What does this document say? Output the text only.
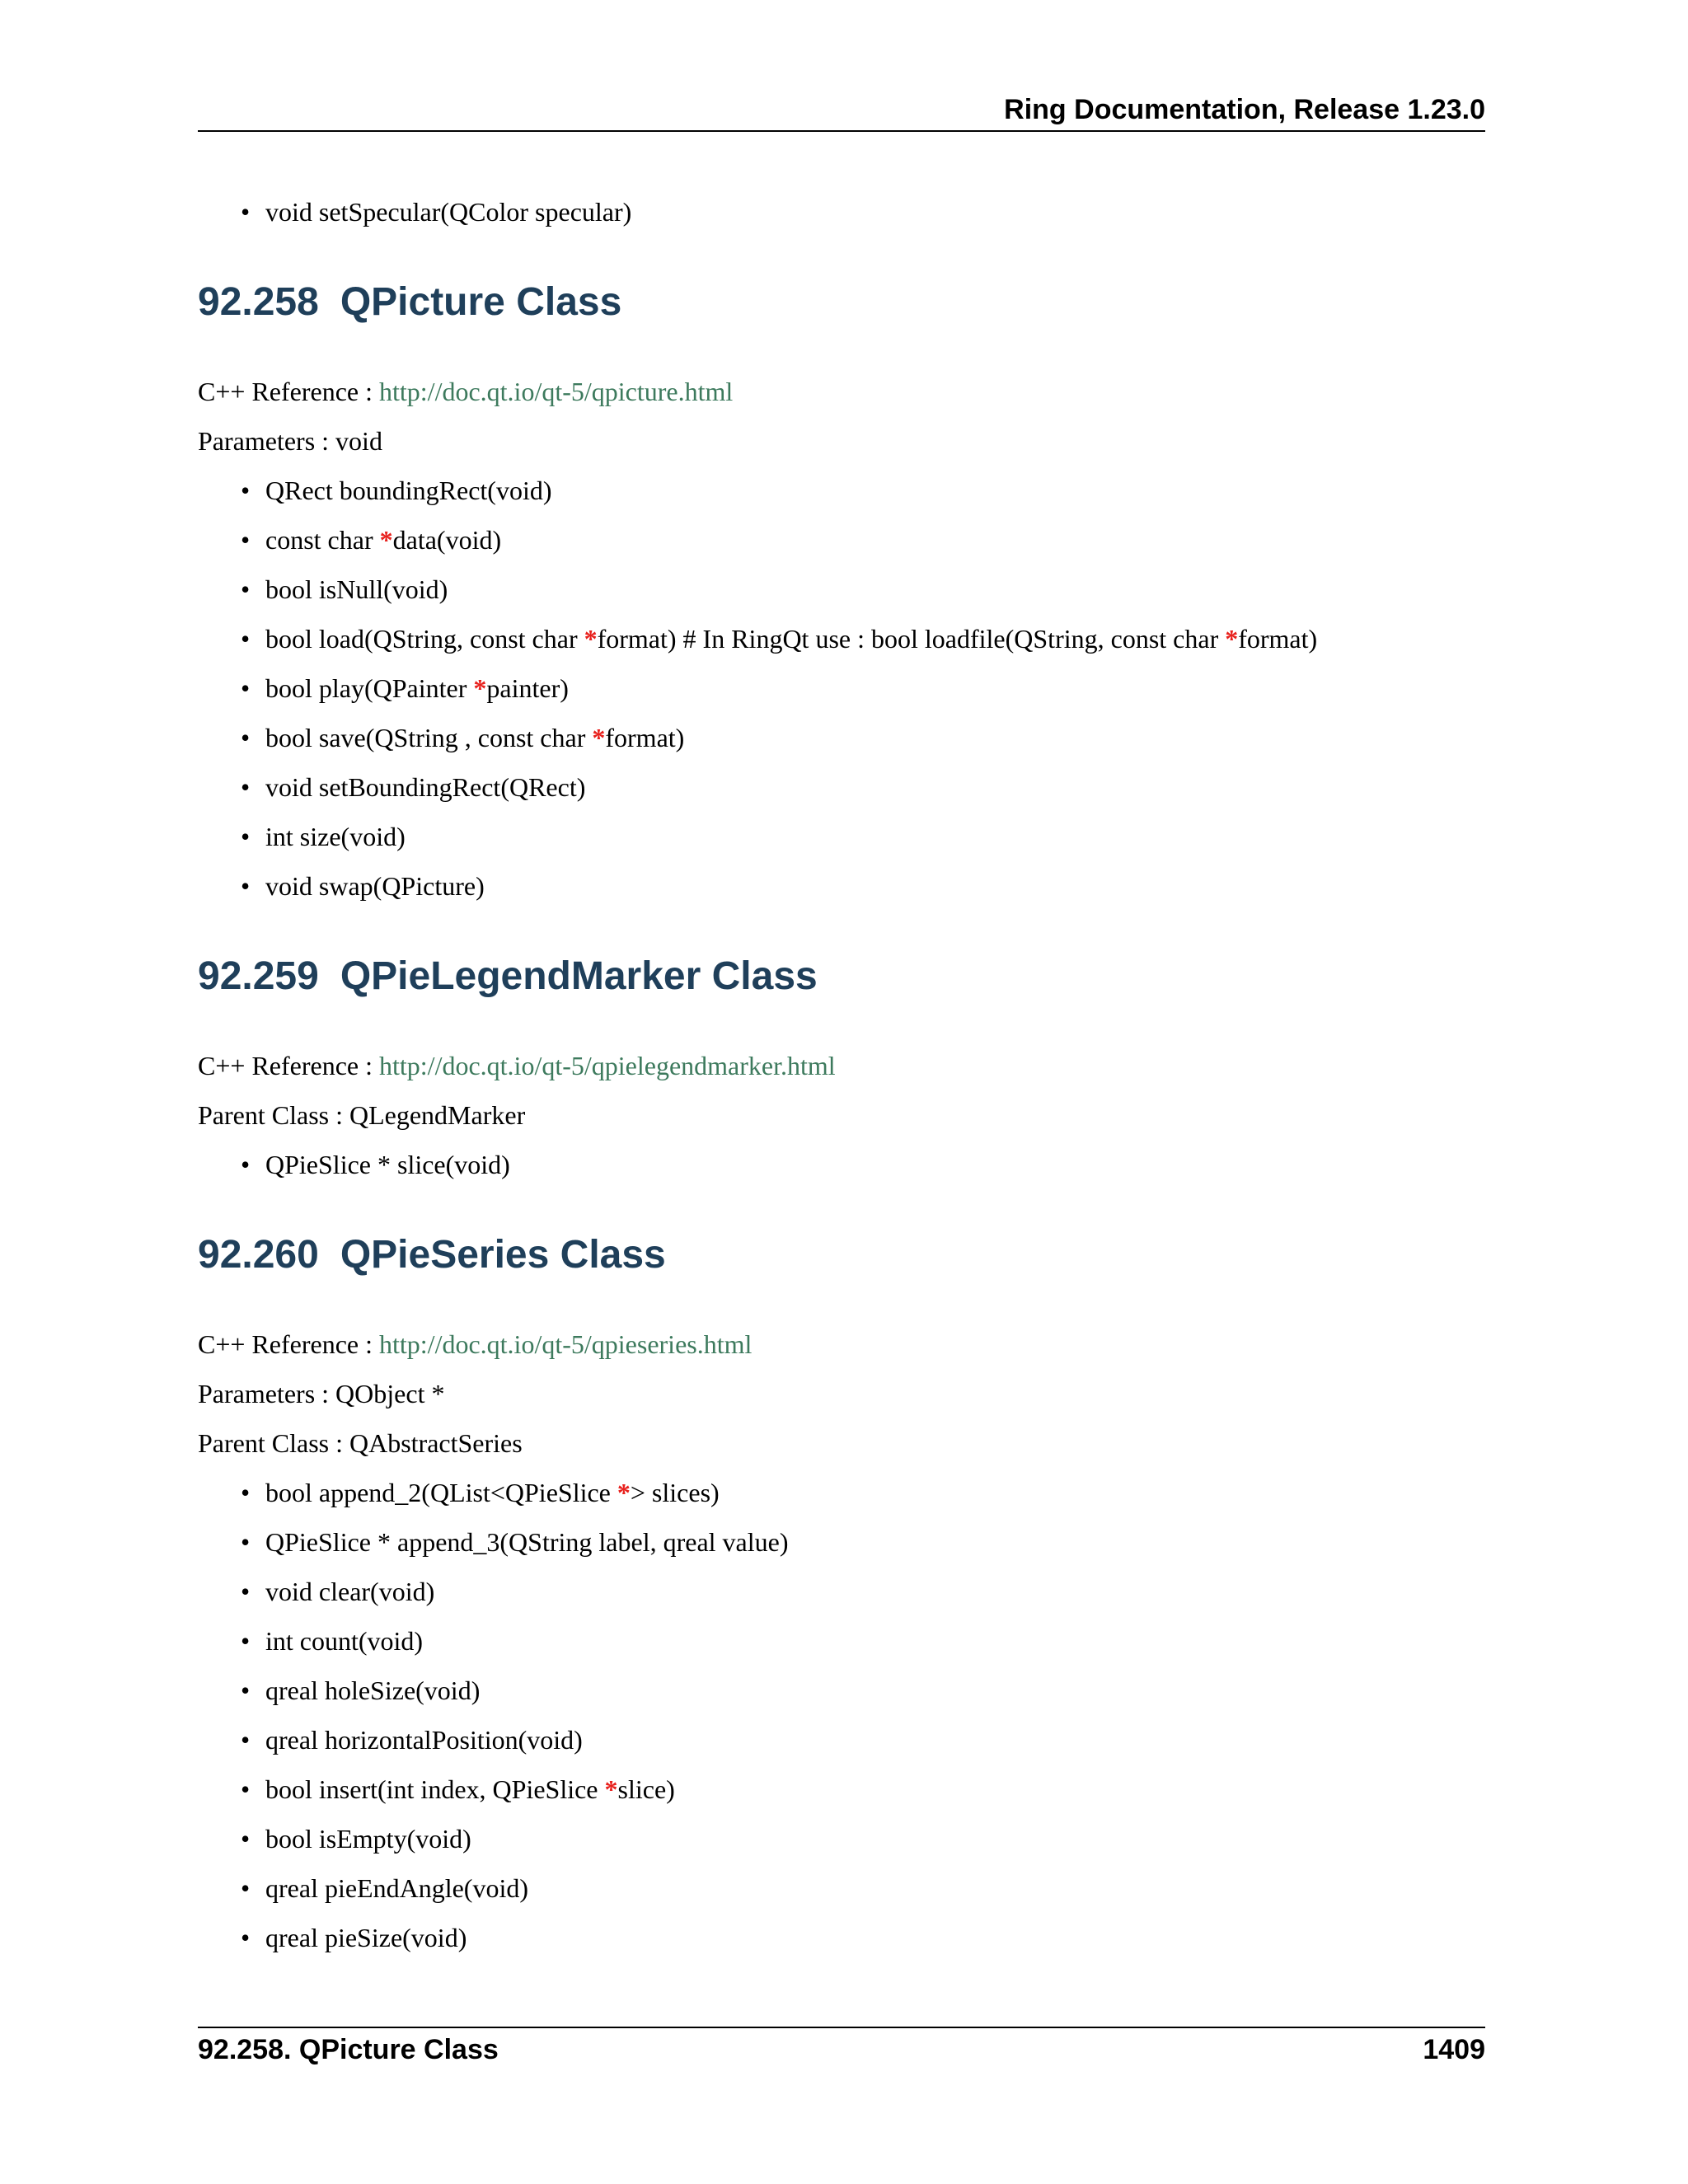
Ring Documentation, Release 1.23.0
• void setSpecular(QColor specular)
92.258 QPicture Class
C++ Reference : http://doc.qt.io/qt-5/qpicture.html
Parameters : void
• QRect boundingRect(void)
• const char *data(void)
• bool isNull(void)
• bool load(QString, const char *format) # In RingQt use : bool loadfile(QString, const char *format)
• bool play(QPainter *painter)
• bool save(QString , const char *format)
• void setBoundingRect(QRect)
• int size(void)
• void swap(QPicture)
92.259 QPieLegendMarker Class
C++ Reference : http://doc.qt.io/qt-5/qpielegendmarker.html
Parent Class : QLegendMarker
• QPieSlice * slice(void)
92.260 QPieSeries Class
C++ Reference : http://doc.qt.io/qt-5/qpieseries.html
Parameters : QObject *
Parent Class : QAbstractSeries
• bool append_2(QList<QPieSlice *> slices)
• QPieSlice * append_3(QString label, qreal value)
• void clear(void)
• int count(void)
• qreal holeSize(void)
• qreal horizontalPosition(void)
• bool insert(int index, QPieSlice *slice)
• bool isEmpty(void)
• qreal pieEndAngle(void)
• qreal pieSize(void)
92.258. QPicture Class	1409
